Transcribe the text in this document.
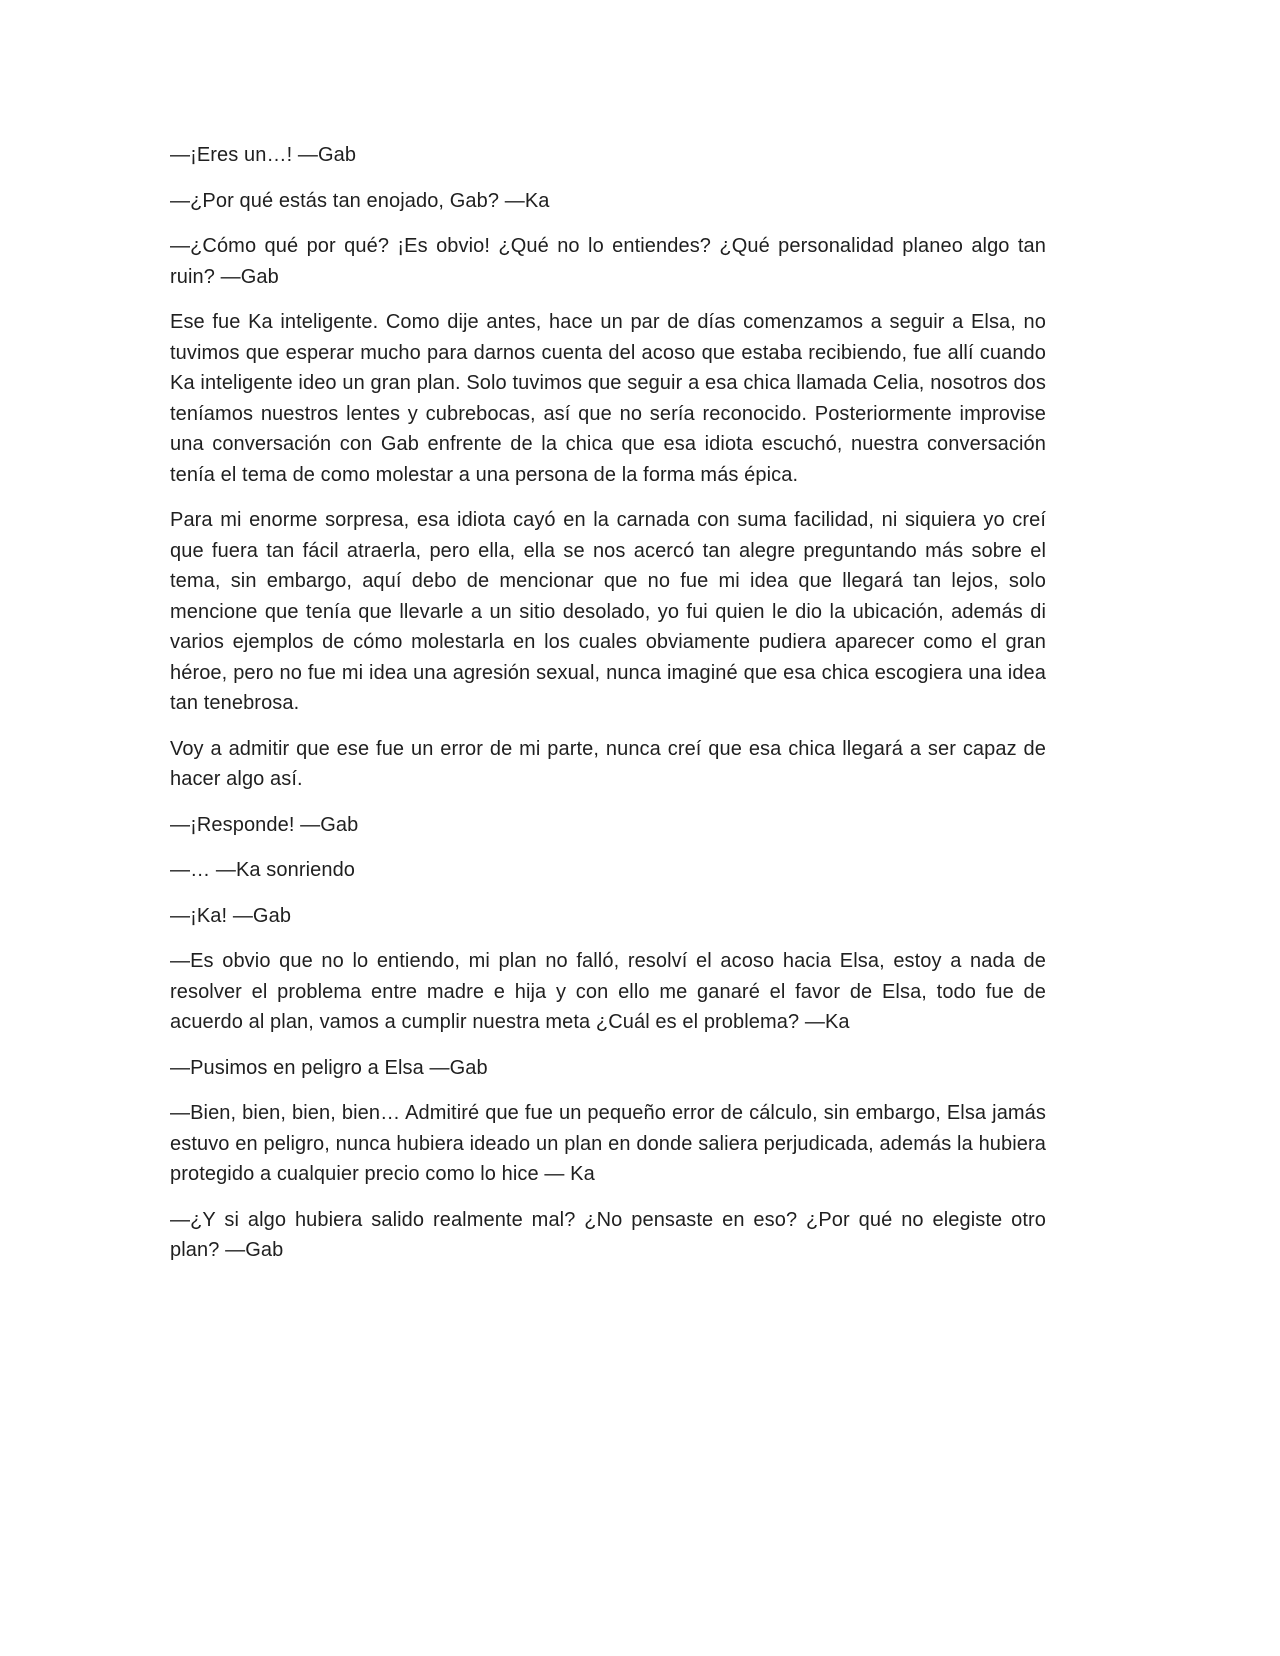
—¡Eres un…! —Gab

—¿Por qué estás tan enojado, Gab? —Ka

—¿Cómo qué por qué? ¡Es obvio! ¿Qué no lo entiendes? ¿Qué personalidad planeo algo tan ruin? —Gab

Ese fue Ka inteligente. Como dije antes, hace un par de días comenzamos a seguir a Elsa, no tuvimos que esperar mucho para darnos cuenta del acoso que estaba recibiendo, fue allí cuando Ka inteligente ideo un gran plan. Solo tuvimos que seguir a esa chica llamada Celia, nosotros dos teníamos nuestros lentes y cubrebocas, así que no sería reconocido. Posteriormente improvise una conversación con Gab enfrente de la chica que esa idiota escuchó, nuestra conversación tenía el tema de como molestar a una persona de la forma más épica.

Para mi enorme sorpresa, esa idiota cayó en la carnada con suma facilidad, ni siquiera yo creí que fuera tan fácil atraerla, pero ella, ella se nos acercó tan alegre preguntando más sobre el tema, sin embargo, aquí debo de mencionar que no fue mi idea que llegará tan lejos, solo mencione que tenía que llevarle a un sitio desolado, yo fui quien le dio la ubicación, además di varios ejemplos de cómo molestarla en los cuales obviamente pudiera aparecer como el gran héroe, pero no fue mi idea una agresión sexual, nunca imaginé que esa chica escogiera una idea tan tenebrosa.

Voy a admitir que ese fue un error de mi parte, nunca creí que esa chica llegará a ser capaz de hacer algo así.

—¡Responde! —Gab

—… —Ka sonriendo

—¡Ka! —Gab

—Es obvio que no lo entiendo, mi plan no falló, resolví el acoso hacia Elsa, estoy a nada de resolver el problema entre madre e hija y con ello me ganaré el favor de Elsa, todo fue de acuerdo al plan, vamos a cumplir nuestra meta ¿Cuál es el problema? —Ka

—Pusimos en peligro a Elsa —Gab

—Bien, bien, bien, bien… Admitiré que fue un pequeño error de cálculo, sin embargo, Elsa jamás estuvo en peligro, nunca hubiera ideado un plan en donde saliera perjudicada, además la hubiera protegido a cualquier precio como lo hice — Ka

—¿Y si algo hubiera salido realmente mal? ¿No pensaste en eso? ¿Por qué no elegiste otro plan? —Gab
